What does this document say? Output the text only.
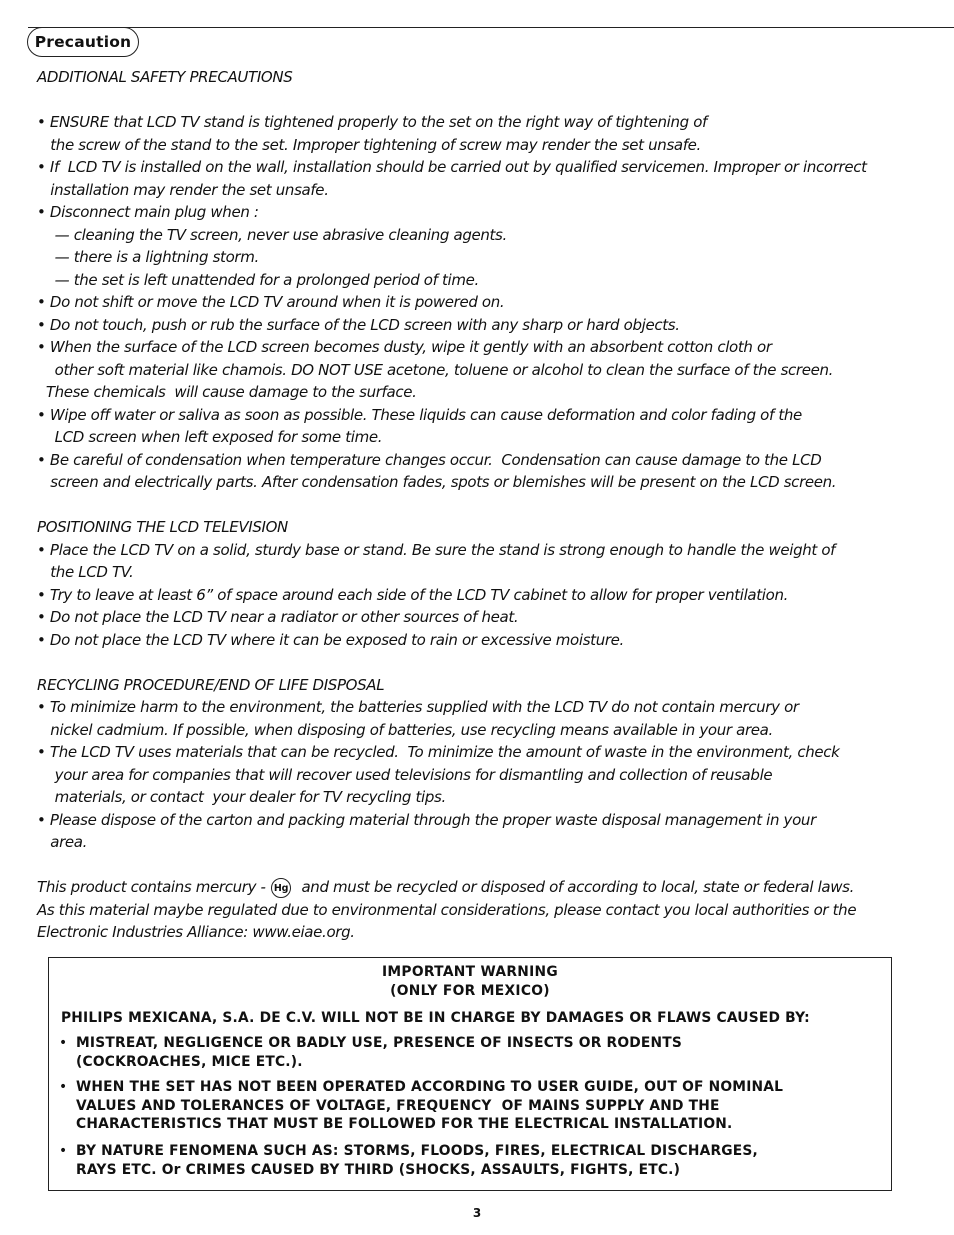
Precaution
ADDITIONAL SAFETY PRECAUTIONS
• ENSURE that LCD TV stand is tightened properly to the set on the right way of tightening of
the screw of the stand to the set. Improper tightening of screw may render the set unsafe.
• If  LCD TV is installed on the wall, installation should be carried out by qualified servicemen. Improper or incorrect
installation may render the set unsafe.
• Disconnect main plug when :
— cleaning the TV screen, never use abrasive cleaning agents.
— there is a lightning storm.
— the set is left unattended for a prolonged period of time.
• Do not shift or move the LCD TV around when it is powered on.
• Do not touch, push or rub the surface of the LCD screen with any sharp or hard objects.
• When the surface of the LCD screen becomes dusty, wipe it gently with an absorbent cotton cloth or
other soft material like chamois. DO NOT USE acetone, toluene or alcohol to clean the surface of the screen.
These chemicals  will cause damage to the surface.
• Wipe off water or saliva as soon as possible. These liquids can cause deformation and color fading of the
LCD screen when left exposed for some time.
• Be careful of condensation when temperature changes occur.  Condensation can cause damage to the LCD
screen and electrically parts. After condensation fades, spots or blemishes will be present on the LCD screen.
POSITIONING THE LCD TELEVISION
• Place the LCD TV on a solid, sturdy base or stand. Be sure the stand is strong enough to handle the weight of
the LCD TV.
• Try to leave at least 6” of space around each side of the LCD TV cabinet to allow for proper ventilation.
• Do not place the LCD TV near a radiator or other sources of heat.
• Do not place the LCD TV where it can be exposed to rain or excessive moisture.
RECYCLING PROCEDURE/END OF LIFE DISPOSAL
• To minimize harm to the environment, the batteries supplied with the LCD TV do not contain mercury or
nickel cadmium. If possible, when disposing of batteries, use recycling means available in your area.
• The LCD TV uses materials that can be recycled.  To minimize the amount of waste in the environment, check
your area for companies that will recover used televisions for dismantling and collection of reusable
materials, or contact  your dealer for TV recycling tips.
• Please dispose of the carton and packing material through the proper waste disposal management in your
area.
This product contains mercury - Hg and must be recycled or disposed of according to local, state or federal laws.
As this material maybe regulated due to environmental considerations, please contact you local authorities or the
Electronic Industries Alliance: www.eiae.org.
IMPORTANT WARNING
(ONLY FOR MEXICO)
PHILIPS MEXICANA, S.A. DE C.V. WILL NOT BE IN CHARGE BY DAMAGES OR FLAWS CAUSED BY:
• MISTREAT, NEGLIGENCE OR BADLY USE, PRESENCE OF INSECTS OR RODENTS
(COCKROACHES, MICE ETC.).
• WHEN THE SET HAS NOT BEEN OPERATED ACCORDING TO USER GUIDE, OUT OF NOMINAL
VALUES AND TOLERANCES OF VOLTAGE, FREQUENCY  OF MAINS SUPPLY AND THE
CHARACTERISTICS THAT MUST BE FOLLOWED FOR THE ELECTRICAL INSTALLATION.
• BY NATURE FENOMENA SUCH AS: STORMS, FLOODS, FIRES, ELECTRICAL DISCHARGES,
RAYS ETC. Or CRIMES CAUSED BY THIRD (SHOCKS, ASSAULTS, FIGHTS, ETC.)
3
